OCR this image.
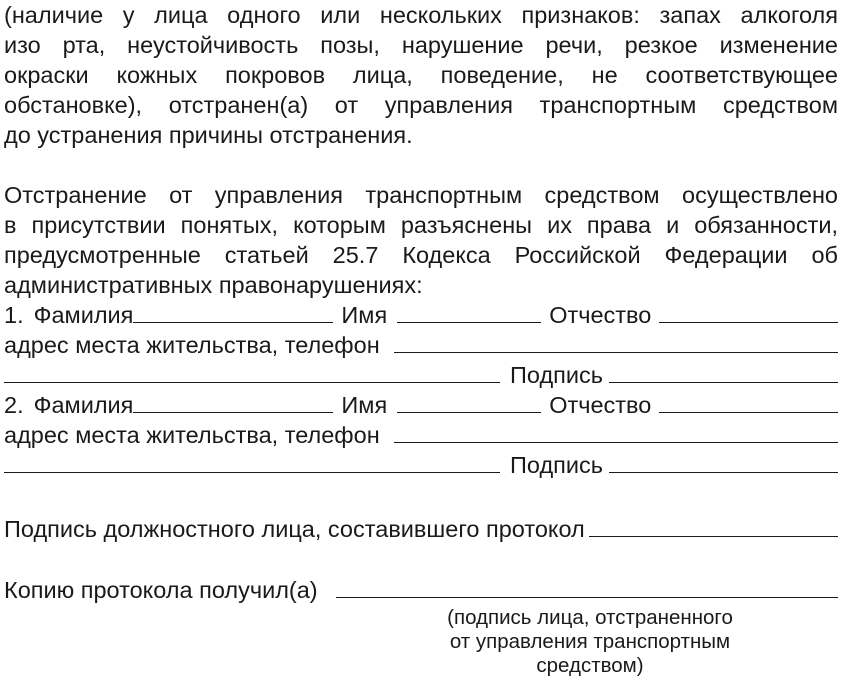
(наличие у лица одного или нескольких признаков: запах алкоголя
изо рта, неустойчивость позы, нарушение речи, резкое изменение
окраски кожных покровов лица, поведение, не соответствующее
обстановке), отстранен(а) от управления транспортным средством
до устранения причины отстранения.
Отстранение от управления транспортным средством осуществлено
в присутствии понятых, которым разъяснены их права и обязанности,
предусмотренные статьей 25.7 Кодекса Российской Федерации об
административных правонарушениях:
1. Фамилия	Имя	Отчество
адрес места жительства, телефон
Подпись
2. Фамилия	Имя	Отчество
адрес места жительства, телефон
Подпись
Подпись должностного лица, составившего протокол
Копию протокола получил(а)
(подпись лица, отстраненного
от управления транспортным
средством)
